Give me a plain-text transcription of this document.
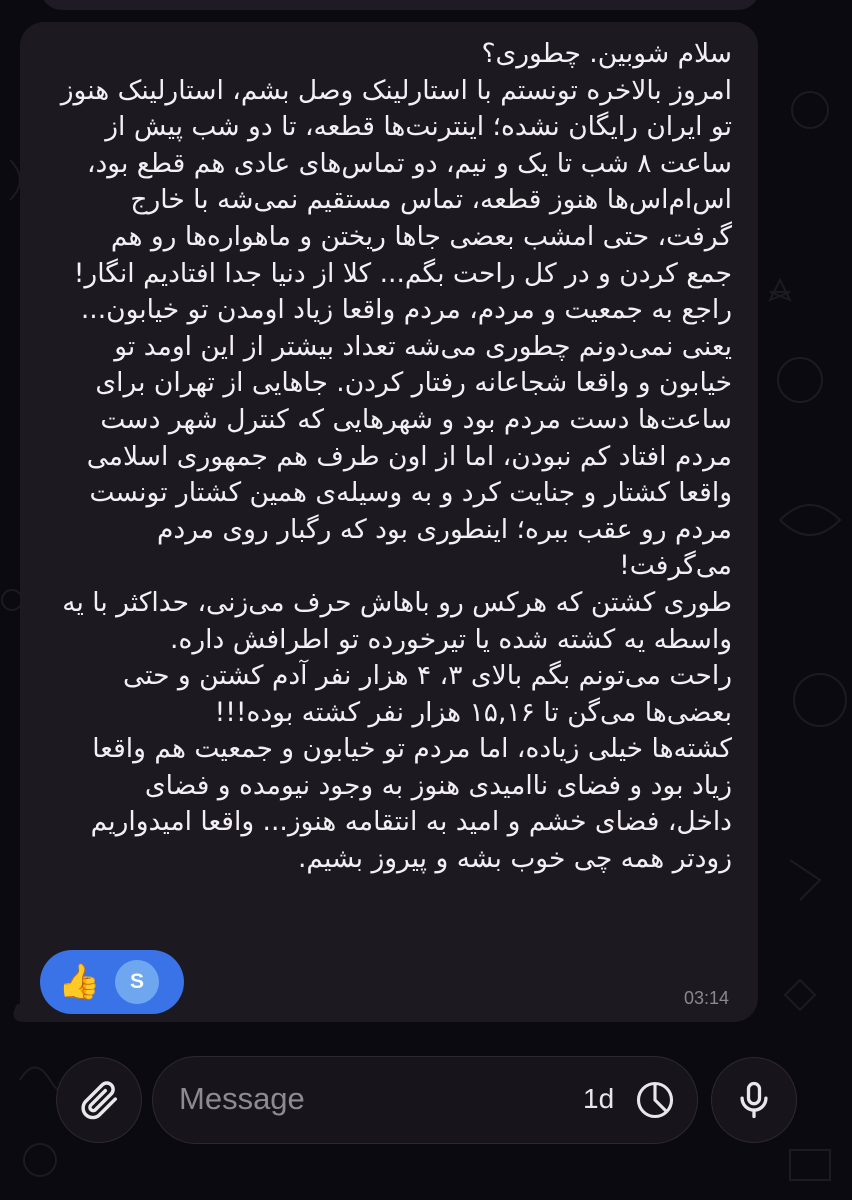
سلام شوبین. چطوری؟
امروز بالاخره تونستم با استارلینک وصل بشم، استارلینک هنوز
تو ایران رایگان نشده؛ اینترنت‌ها قطعه، تا دو شب پیش از
ساعت ۸ شب تا یک و نیم، دو تماس‌های عادی هم قطع بود،
اس‌ام‌اس‌ها هنوز قطعه، تماس مستقیم نمی‌شه با خارج
گرفت، حتی امشب بعضی جاها ریختن و ماهواره‌ها رو هم
جمع کردن و در کل راحت بگم... کلا از دنیا جدا افتادیم انگار!
راجع به جمعیت و مردم، مردم واقعا زیاد اومدن تو خیابون...
یعنی نمی‌دونم چطوری می‌شه تعداد بیشتر از این اومد تو
خیابون و واقعا شجاعانه رفتار کردن. جاهایی از تهران برای
ساعت‌ها دست مردم بود و شهرهایی که کنترل شهر دست
مردم افتاد کم نبودن، اما از اون طرف هم جمهوری اسلامی
واقعا کشتار و جنایت کرد و به وسیله‌ی همین کشتار تونست
مردم رو عقب ببره؛ اینطوری بود که رگبار روی مردم می‌گرفت!
طوری کشتن که هرکس رو باهاش حرف می‌زنی، حداکثر با یه
واسطه یه کشته شده یا تیرخورده تو اطرافش داره.
راحت می‌تونم بگم بالای ۳، ۴ هزار نفر آدم کشتن و حتی
بعضی‌ها می‌گن تا ۱۵,۱۶ هزار نفر کشته بوده!!!
کشته‌ها خیلی زیاده، اما مردم تو خیابون و جمعیت هم واقعا
زیاد بود و فضای ناامیدی هنوز به وجود نیومده و فضای
داخل، فضای خشم و امید به انتقامه هنوز... واقعا امیدواریم
زودتر همه چی خوب بشه و پیروز بشیم.
👍	S
03:14
Message	1d
